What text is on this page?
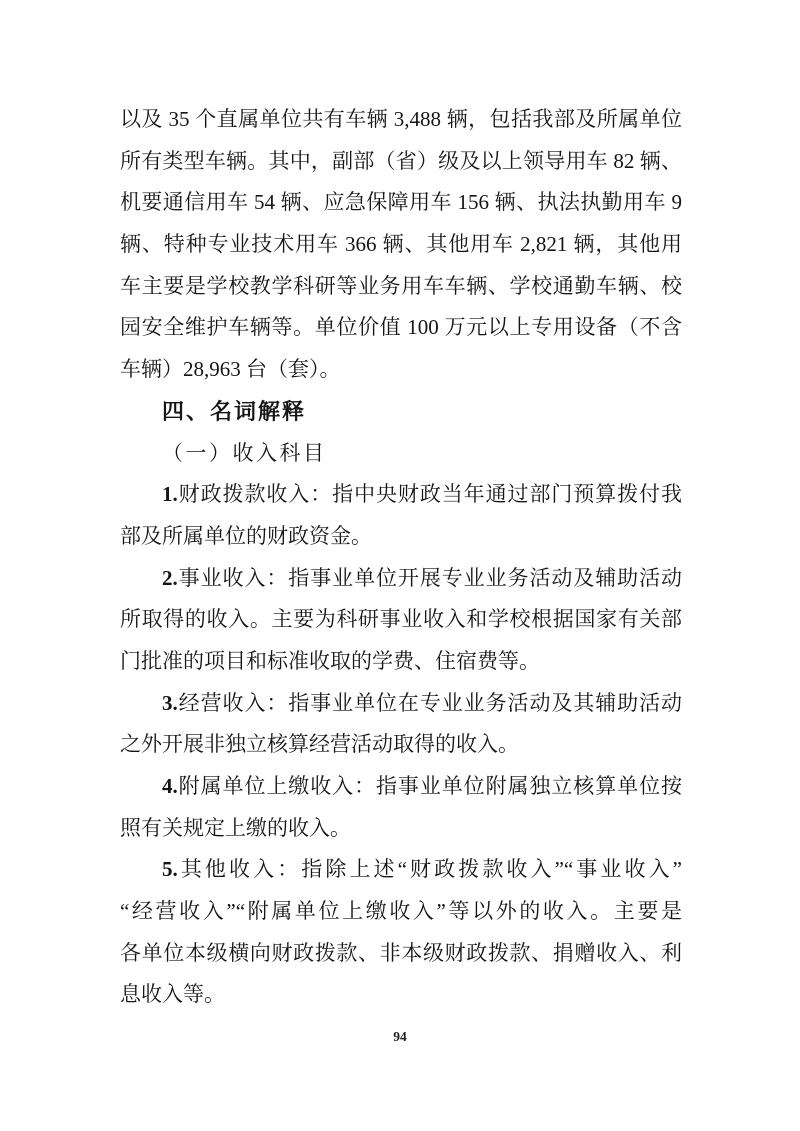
以及 35 个直属单位共有车辆 3,488 辆，包括我部及所属单位
所有类型车辆。其中，副部（省）级及以上领导用车 82 辆、
机要通信用车 54 辆、应急保障用车 156 辆、执法执勤用车 9
辆、特种专业技术用车 366 辆、其他用车 2,821 辆，其他用
车主要是学校教学科研等业务用车车辆、学校通勤车辆、校
园安全维护车辆等。单位价值 100 万元以上专用设备（不含
车辆）28,963 台（套）。
四、名词解释
（一）收入科目
1.财政拨款收入：指中央财政当年通过部门预算拨付我
部及所属单位的财政资金。
2.事业收入：指事业单位开展专业业务活动及辅助活动
所取得的收入。主要为科研事业收入和学校根据国家有关部
门批准的项目和标准收取的学费、住宿费等。
3.经营收入：指事业单位在专业业务活动及其辅助活动
之外开展非独立核算经营活动取得的收入。
4.附属单位上缴收入：指事业单位附属独立核算单位按
照有关规定上缴的收入。
5.其他收入：指除上述“财政拨款收入”“事业收入”
“经营收入”“附属单位上缴收入”等以外的收入。主要是
各单位本级横向财政拨款、非本级财政拨款、捐赠收入、利
息收入等。
94
